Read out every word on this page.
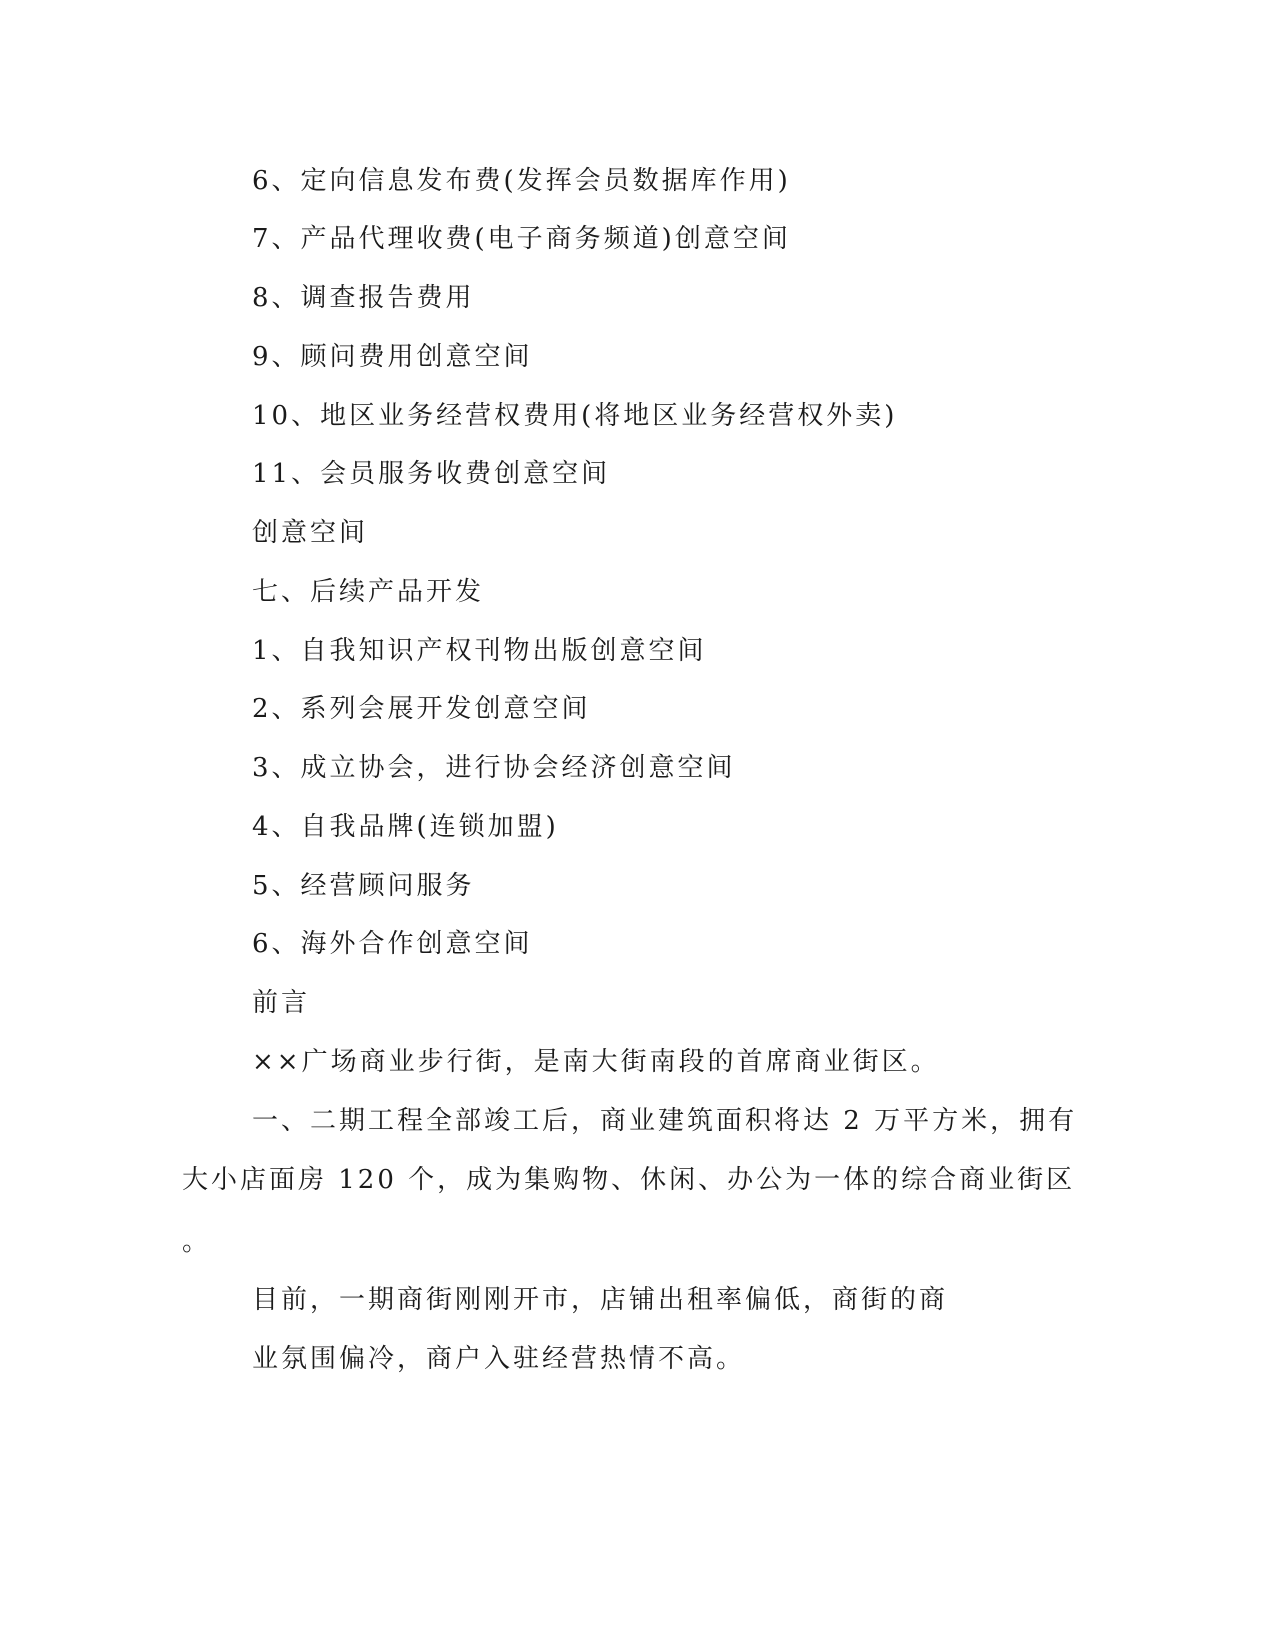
6、定向信息发布费(发挥会员数据库作用)
7、产品代理收费(电子商务频道)创意空间
8、调查报告费用
9、顾问费用创意空间
10、地区业务经营权费用(将地区业务经营权外卖)
11、会员服务收费创意空间
创意空间
七、后续产品开发
1、自我知识产权刊物出版创意空间
2、系列会展开发创意空间
3、成立协会，进行协会经济创意空间
4、自我品牌(连锁加盟)
5、经营顾问服务
6、海外合作创意空间
前言
××广场商业步行街，是南大街南段的首席商业街区。
一、二期工程全部竣工后，商业建筑面积将达 2 万平方米，拥有
大小店面房 120 个，成为集购物、休闲、办公为一体的综合商业街区
。
目前，一期商街刚刚开市，店铺出租率偏低，商街的商
业氛围偏冷，商户入驻经营热情不高。
